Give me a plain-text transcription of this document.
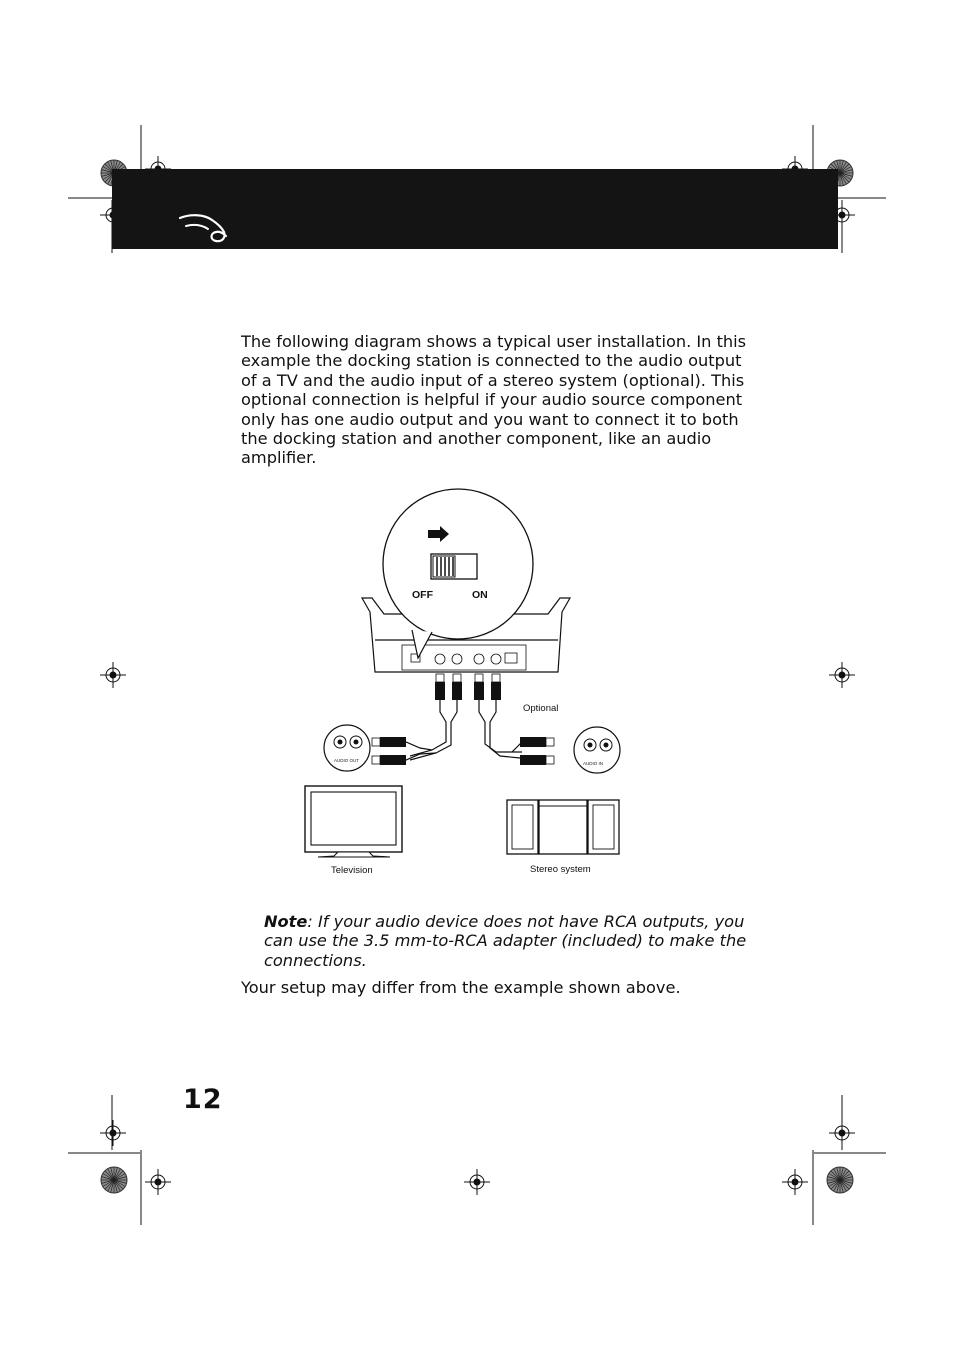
The following diagram shows a typical user installation. In this example the docking station is connected to the audio output of a TV and the audio input of a stereo system (optional). This optional connection is helpful if your audio source component only has one audio output and you want to connect it to both the docking station and another component, like an audio amplifier.

OFF	ON
Optional
AUDIO OUT
AUDIO IN
Television	Stereo system

Note: If your audio device does not have RCA outputs, you can use the 3.5 mm-to-RCA adapter (included) to make the connections.

Your setup may differ from the example shown above.

12
